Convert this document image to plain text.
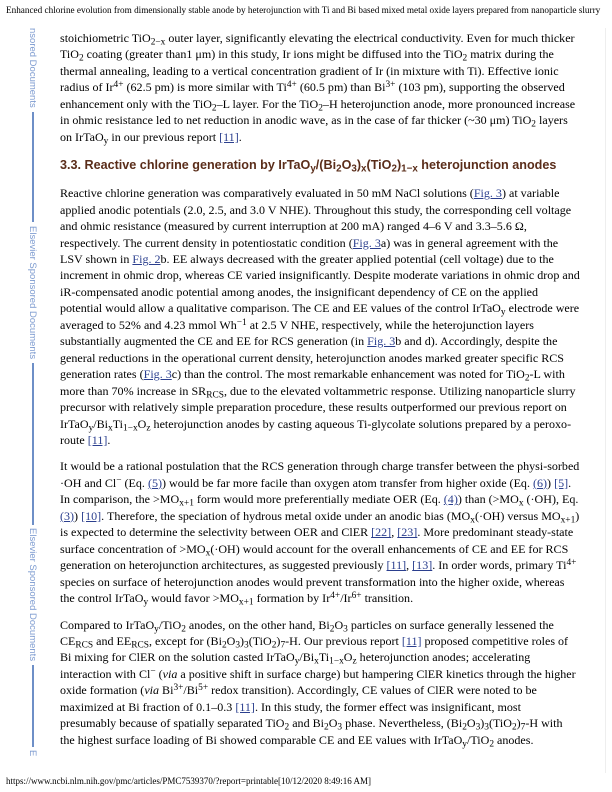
Enhanced chlorine evolution from dimensionally stable anode by heterojunction with Ti and Bi based mixed metal oxide layers prepared from nanoparticle slurry
nsored Documents
Elsevier Sponsored Documents
Elsevier Sponsored Documents
E

stoichiometric TiO$_{2-x}$ outer layer, significantly elevating the electrical conductivity. Even for much thicker TiO$_2$ coating (greater than1 μm) in this study, Ir ions might be diffused into the TiO$_2$ matrix during the thermal annealing, leading to a vertical concentration gradient of Ir (in mixture with Ti). Effective ionic radius of $Ir^{4+}$ (62.5 pm) is more similar with $Ti^{4+}$ (60.5 pm) than $Bi^{3+}$ (103 pm), supporting the observed enhancement only with the TiO$_2$–L layer. For the TiO$_2$–H heterojunction anode, more pronounced increase in ohmic resistance led to net reduction in anodic wave, as in the case of far thicker (~30 μm) TiO$_2$ layers on IrTaO$_y$ in our previous report [11].

3.3. Reactive chlorine generation by $IrTaO_y/(Bi_2O_3)_x(TiO_2)_{1-x}$ heterojunction anodes

Reactive chlorine generation was comparatively evaluated in 50 mM NaCl solutions (Fig. 3) at variable applied anodic potentials (2.0, 2.5, and 3.0 V NHE). Throughout this study, the corresponding cell voltage and ohmic resistance (measured by current interruption at 200 mA) ranged 4–6 V and 3.3–5.6 Ω, respectively. The current density in potentiostatic condition (Fig. 3a) was in general agreement with the LSV shown in Fig. 2b. EE always decreased with the greater applied potential (cell voltage) due to the increment in ohmic drop, whereas CE varied insignificantly. Despite moderate variations in ohmic drop and iR-compensated anodic potential among anodes, the insignificant dependency of CE on the applied potential would allow a qualitative comparison. The CE and EE values of the control IrTaO$_y$ electrode were averaged to 52% and 4.23 mmol $Wh^{-1}$ at 2.5 V NHE, respectively, while the heterojunction layers substantially augmented the CE and EE for RCS generation (in Fig. 3b and d). Accordingly, despite the general reductions in the operational current density, heterojunction anodes marked greater specific RCS generation rates (Fig. 3c) than the control. The most remarkable enhancement was noted for TiO$_2$-L with more than 70% increase in $SR_{RCS}$, due to the elevated voltammetric response. Utilizing nanoparticle slurry precursor with relatively simple preparation procedure, these results outperformed our previous report on $IrTaO_y/Bi_xTi_{1-x}O_z$ heterojunction anodes by casting aqueous Ti-glycolate solutions prepared by a peroxo-route [11].

It would be a rational postulation that the RCS generation through charge transfer between the physi-sorbed ·OH and Cl− (Eq. (5)) would be far more facile than oxygen atom transfer from higher oxide (Eq. (6)) [5]. In comparison, the $>MO_{x+1}$ form would more preferentially mediate OER (Eq. (4)) than ($>MO_x$ (·OH), Eq. (3)) [10]. Therefore, the speciation of hydrous metal oxide under an anodic bias ($MO_x(\cdot OH)$ versus $MO_{x+1}$) is expected to determine the selectivity between OER and ClER [22], [23]. More predominant steady-state surface concentration of $>MO_x(\cdot OH)$ would account for the overall enhancements of CE and EE for RCS generation on heterojunction architectures, as suggested previously [11], [13]. In order words, primary $Ti^{4+}$ species on surface of heterojunction anodes would prevent transformation into the higher oxide, whereas the control IrTaO$_y$ would favor $>MO_{x+1}$ formation by $Ir^{4+}/Ir^{6+}$ transition.

Compared to IrTaO$_y$/TiO$_2$ anodes, on the other hand, $Bi_2O_3$ particles on surface generally lessened the $CE_{RCS}$ and $EE_{RCS}$, except for $(Bi_2O_3)_3(TiO_2)_7-H$. Our previous report [11] proposed competitive roles of Bi mixing for ClER on the solution casted $IrTaO_y/Bi_xTi_{1-x}O_z$ heterojunction anodes; accelerating interaction with Cl− (via a positive shift in surface charge) but hampering ClER kinetics through the higher oxide formation (via $Bi^{3+}/Bi^{5+}$ redox transition). Accordingly, CE values of ClER were noted to be maximized at Bi fraction of 0.1–0.3 [11]. In this study, the former effect was insignificant, most presumably because of spatially separated TiO$_2$ and $Bi_2O_3$ phase. Nevertheless, $(Bi_2O_3)_3(TiO_2)_7-H$ with the highest surface loading of Bi showed comparable CE and EE values with IrTaO$_y$/TiO$_2$ anodes.

https://www.ncbi.nlm.nih.gov/pmc/articles/PMC7539370/?report=printable[10/12/2020 8:49:16 AM]
